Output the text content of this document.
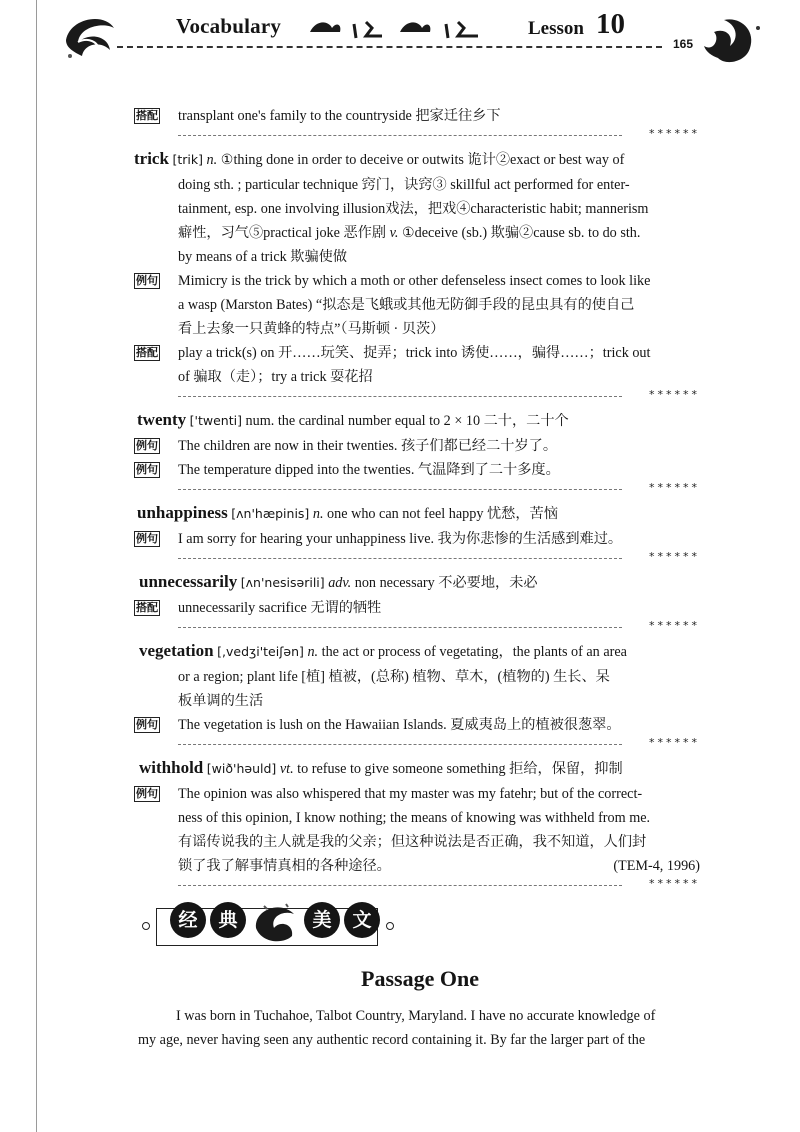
Vocabulary	Lesson 10
165
搭配 transplant one's family to the countryside 把家迁往乡下
******
trick [trik] n. ①thing done in order to deceive or outwits 诡计②exact or best way of
doing sth. ; particular technique 窍门，诀窍③ skillful act performed for enter-
tainment, esp. one involving illusion戏法，把戏④characteristic habit; mannerism
癖性，习气⑤practical joke 恶作剧 v. ①deceive (sb.) 欺骗②cause sb. to do sth.
by means of a trick 欺骗使做
例句 Mimicry is the trick by which a moth or other defenseless insect comes to look like
a wasp (Marston Bates) “拟态是飞蛾或其他无防御手段的昆虫具有的使自己
看上去象一只黄蜂的特点”（马斯顿 · 贝茨）
搭配 play a trick(s) on 开……玩笑、捉弄；trick into 诱使……，骗得……；trick out
of 骗取（走）；try a trick 耍花招
******
twenty ['twenti] num. the cardinal number equal to 2 × 10 二十，二十个
例句 The children are now in their twenties. 孩子们都已经二十岁了。
例句 The temperature dipped into the twenties. 气温降到了二十多度。
******
unhappiness [ʌn'hæpinis] n. one who can not feel happy 忧愁，苦恼
例句 I am sorry for hearing your unhappiness live. 我为你悲惨的生活感到难过。
******
unnecessarily [ʌn'nesisərili] adv. non necessary 不必要地，未必
搭配 unnecessarily sacrifice 无谓的牺牲
******
vegetation [,vedʒi'teiʃən] n. the act or process of vegetating，the plants of an area
or a region; plant life [植] 植被，(总称) 植物、草木，(植物的) 生长、呆
板单调的生活
例句 The vegetation is lush on the Hawaiian Islands. 夏威夷岛上的植被很葱翠。
******
withhold [wið'həuld] vt. to refuse to give someone something 拒给，保留，抑制
例句 The opinion was also whispered that my master was my fatehr; but of the correct-
ness of this opinion, I know nothing; the means of knowing was withheld from me.
有谣传说我的主人就是我的父亲；但这种说法是否正确，我不知道，人们封
锁了我了解事情真相的各种途径。	(TEM-4, 1996)
******
经	典	美	文
Passage One

I was born in Tuchahoe, Talbot Country, Maryland. I have no accurate knowledge of

my age, never having seen any authentic record containing it. By far the larger part of the
